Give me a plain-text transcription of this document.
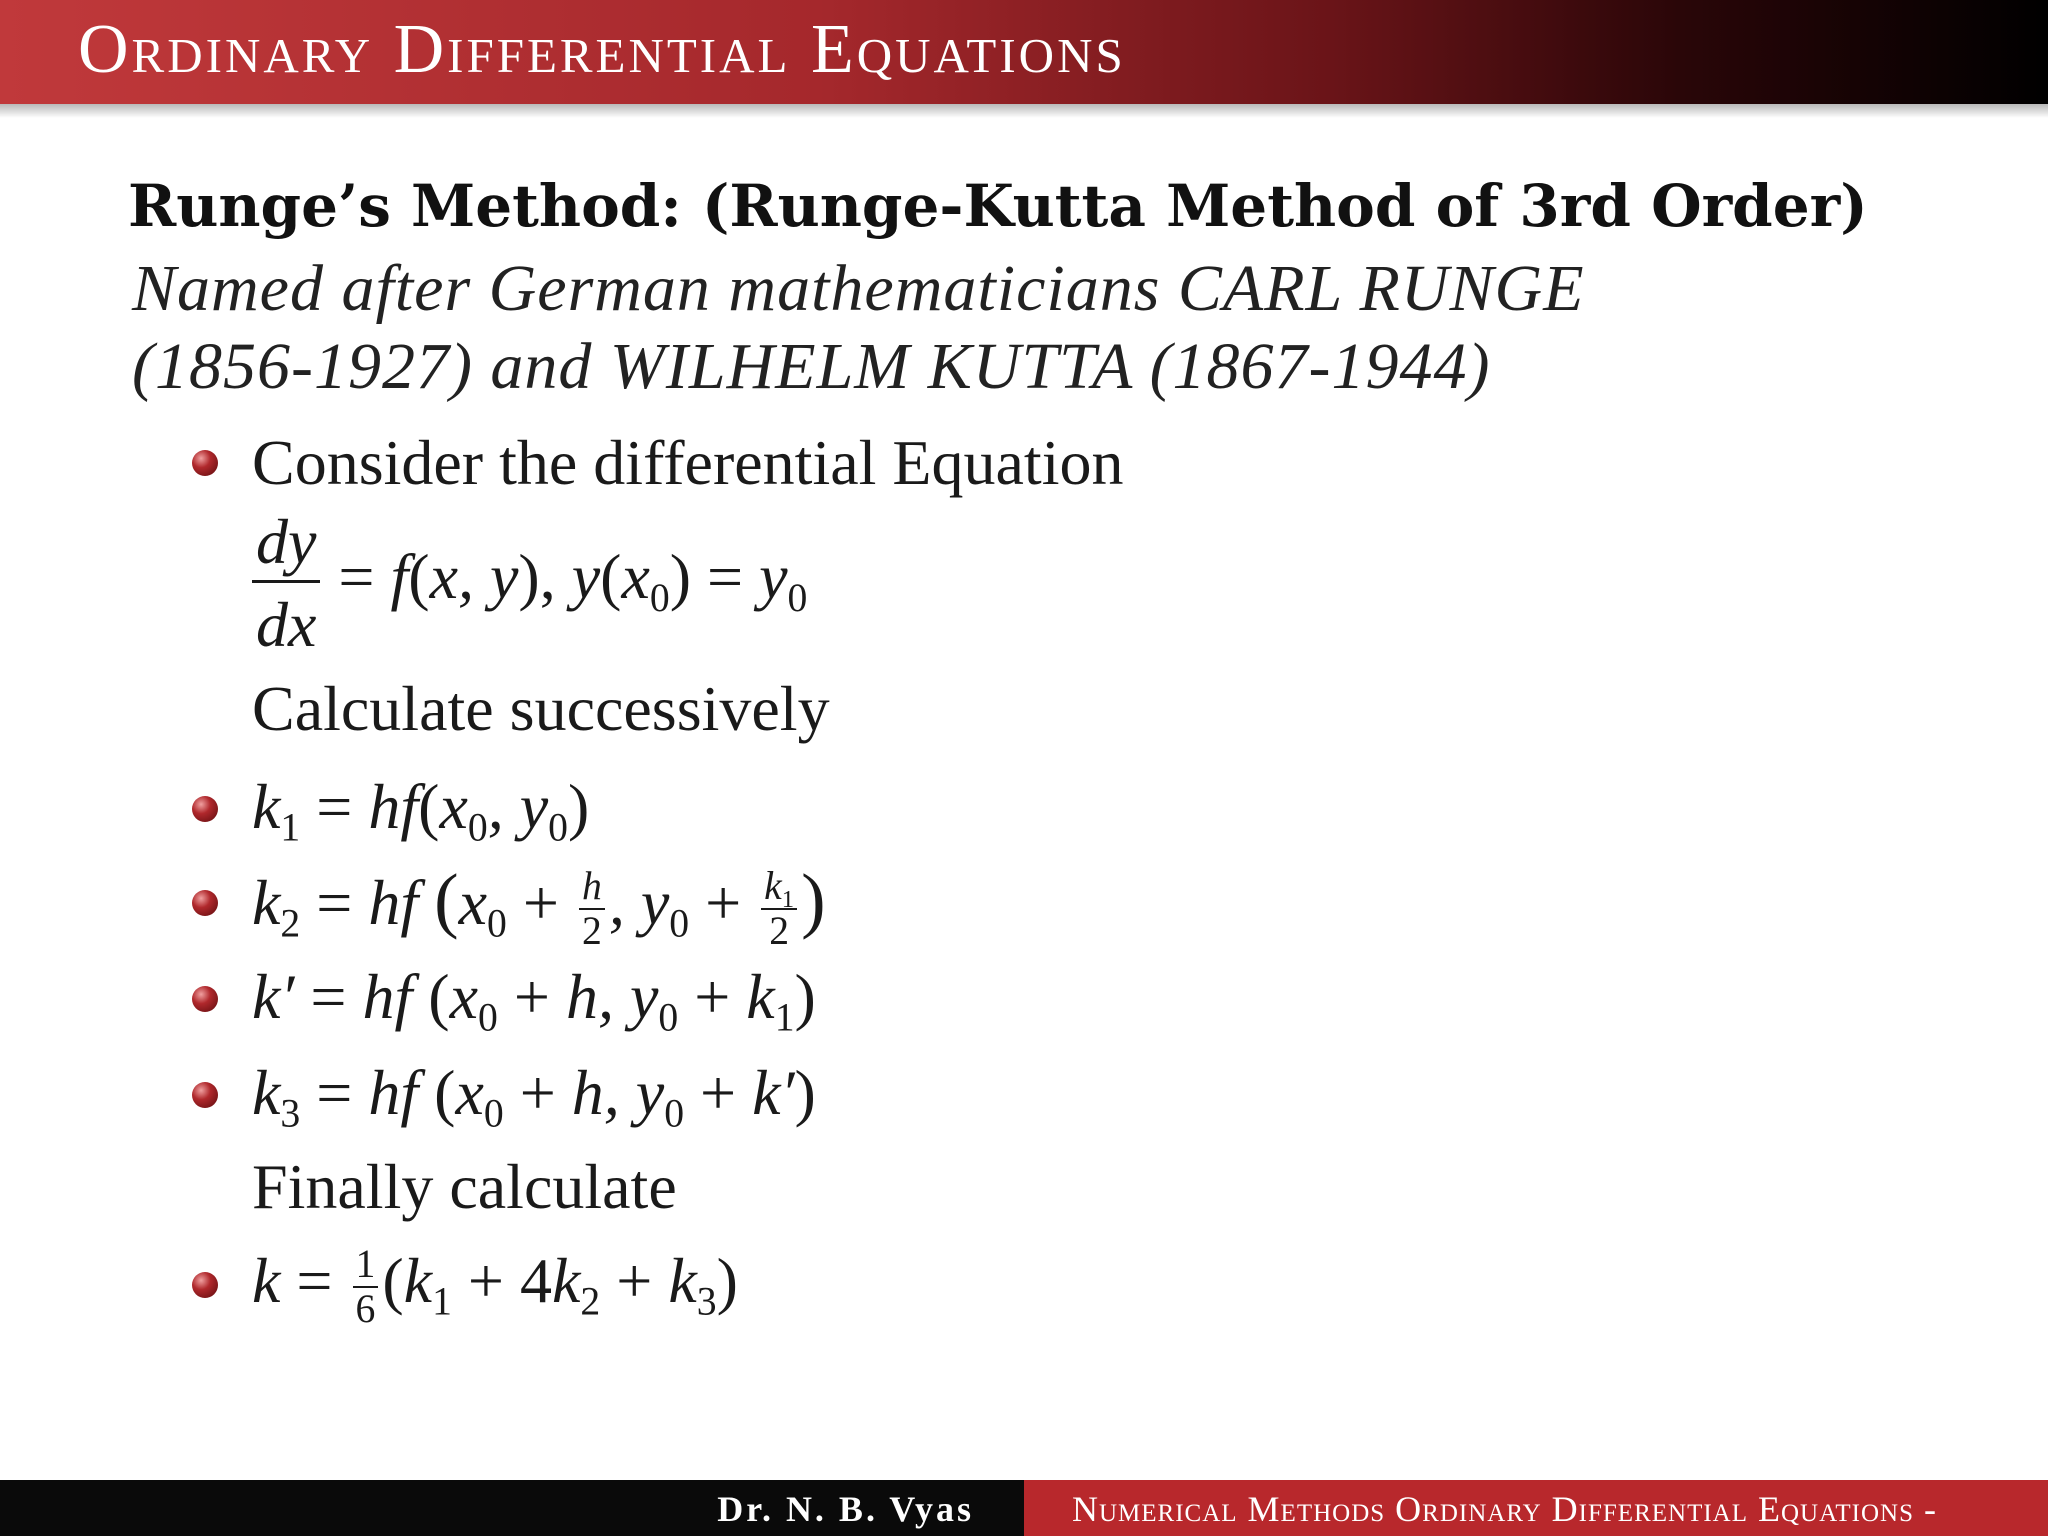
Ordinary Differential Equations
Runge’s Method: (Runge-Kutta Method of 3rd Order)
Named after German mathematicians CARL RUNGE
(1856-1927) and WILHELM KUTTA (1867-1944)
Consider the differential Equation
$\frac{dy}{dx} = f(x$, y), $y(x_0) = y_0$
Calculate successively
$k_1 = hf(x_0$, $y_0$)
$k_2$ = hf ($x_0 + \frac{h}{2}$ , $y_0 + \frac{k_1}{2}$ )
k′ = hf ($x_0 + h$, $y_0 + k_1$)
$k_3$ = hf ($x_0 + h$, $y_0 + k'$)
Finally calculate
$k = \frac{1}{6} (k_1 + 4k_2 + k_3)$
Dr. N. B. Vyas	Numerical Methods Ordinary Differential Equations -
